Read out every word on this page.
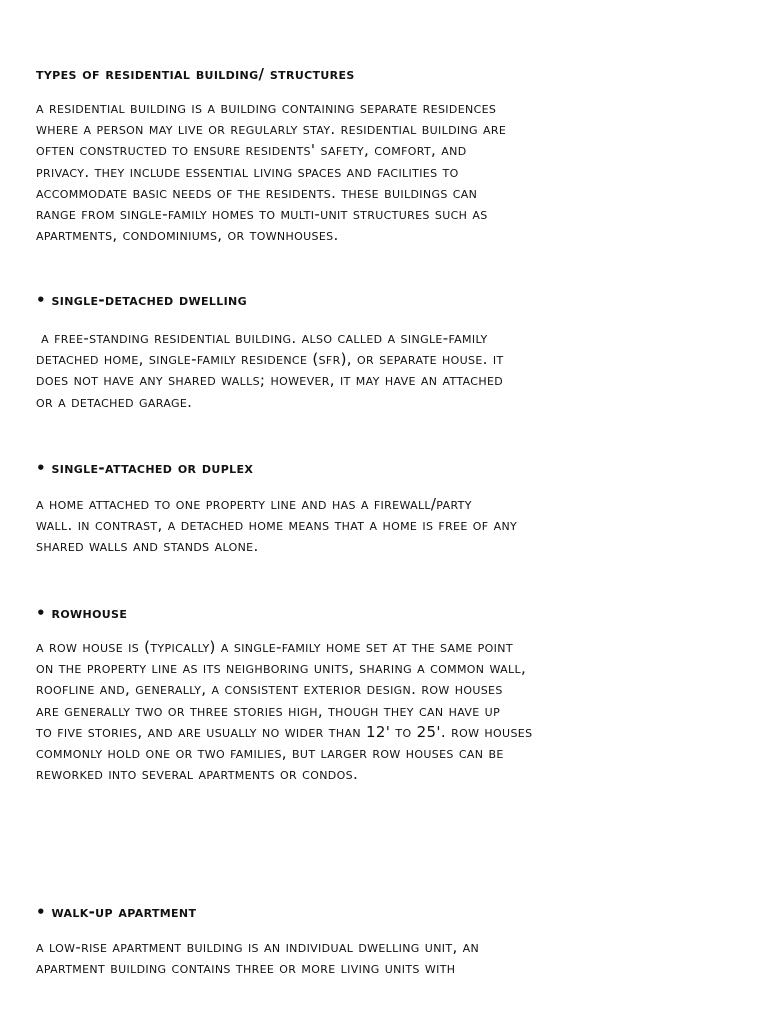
types of residential building/ structures

a residential building is a building containing separate residences
where a person may live or regularly stay. residential building are
often constructed to ensure residents' safety, comfort, and
privacy. they include essential living spaces and facilities to
accommodate basic needs of the residents. these buildings can
range from single-family homes to multi-unit structures such as
apartments, condominiums, or townhouses.

• single-detached dwelling

a free-standing residential building. also called a single-family
detached home, single-family residence (sfr), or separate house. it
does not have any shared walls; however, it may have an attached
or a detached garage.

• single-attached or duplex

a home attached to one property line and has a firewall/party
wall. in contrast, a detached home means that a home is free of any
shared walls and stands alone.

• rowhouse

a row house is (typically) a single-family home set at the same point
on the property line as its neighboring units, sharing a common wall,
roofline and, generally, a consistent exterior design. row houses
are generally two or three stories high, though they can have up
to five stories, and are usually no wider than 12' to 25'. row houses
commonly hold one or two families, but larger row houses can be
reworked into several apartments or condos.

• walk-up apartment

a low-rise apartment building is an individual dwelling unit, an
apartment building contains three or more living units with
